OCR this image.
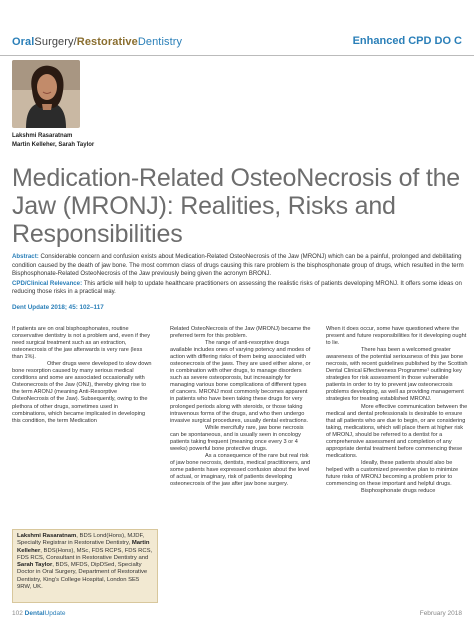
OralSurgery/RestorativeDentistry	Enhanced CPD DO C
Lakshmi Rasaratnam
Martin Kelleher, Sarah Taylor
Medication-Related OsteoNecrosis of the Jaw (MRONJ): Realities, Risks and Responsibilities

Abstract: Considerable concern and confusion exists about Medication-Related OsteoNecrosis of the Jaw (MRONJ) which can be a painful, prolonged and debilitating condition caused by the death of jaw bone. The most common class of drugs causing this rare problem is the bisphosphonate group of drugs, which resulted in the term Bisphosphonate-Related OsteoNecrosis of the Jaw previously being given the acronym BRONJ.

CPD/Clinical Relevance: This article will help to update healthcare practitioners on assessing the realistic risks of patients developing MRONJ. It offers some ideas on reducing those risks in a practical way.

Dent Update 2018; 45: 102–117

If patients are on oral bisphosphonates, routine conservative dentistry is not a problem and, even if they need surgical treatment such as an extraction, osteonecrosis of the jaw afterwards is very rare (less than 1%).

Other drugs were developed to slow down bone resorption caused by many serious medical conditions and some are associated occasionally with Osteonecrosis of the Jaw (ONJ), thereby giving rise to the term ARONJ (meaning Anti-Resorptive OsteoNecrosis of the Jaw). Subsequently, owing to the plethora of other drugs, sometimes used in combinations, which became implicated in developing this condition, the term Medication

Related OsteoNecrosis of the Jaw (MRONJ) became the preferred term for this problem.

The range of anti-resorptive drugs available includes ones of varying potency and modes of action with differing risks of them being associated with osteonecrosis of the jaws. They are used either alone, or in combination with other drugs, to manage disorders such as severe osteoporosis, but increasingly for managing various bone complications of different types of cancers. MRONJ most commonly becomes apparent in patients who have been taking these drugs for very prolonged periods along with steroids, or those taking intravenous forms of the drugs, and who then undergo invasive surgical procedures, usually dental extractions.

While mercifully rare, jaw bone necrosis can be spontaneous, and is usually seen in oncology patients taking frequent (meaning once every 3 or 4 weeks) powerful bone protective drugs.

As a consequence of the rare but real risk of jaw bone necrosis, dentists, medical practitioners, and some patients have expressed confusion about the level of actual, or imaginary, risk of patients developing osteonecrosis of the jaw after jaw bone surgery.

When it does occur, some have questioned where the present and future responsibilities for it developing ought to lie.

There has been a welcomed greater awareness of the potential seriousness of this jaw bone necrosis, with recent guidelines published by the Scottish Dental Clinical Effectiveness Programme¹ outlining key strategies for risk assessment in those vulnerable patients in order to try to prevent jaw osteonecrosis problems developing, as well as providing management strategies for treating established MRONJ.

More effective communication between the medical and dental professionals is desirable to ensure that all patients who are due to begin, or are considering taking, medications, which will place them at higher risk of MRONJ, should be referred to a dentist for a comprehensive assessment and completion of any appropriate dental treatment before commencing these medications.

Ideally, these patients should also be helped with a customized preventive plan to minimize future risks of MRONJ becoming a problem prior to commencing on these important and helpful drugs.

Bisphosphonate drugs reduce

Lakshmi Rasaratnam, BDS Lond(Hons), MJDF, Specialty Registrar in Restorative Dentistry, Martin Kelleher, BDS(Hons), MSc, FDS RCPS, FDS RCS, FDS RCS, Consultant in Restorative Dentistry and Sarah Taylor, BDS, MFDS, DipDSed, Specialty Doctor in Oral Surgery, Department of Restorative Dentistry, King’s College Hospital, London SE5 9RW, UK.
102 DentalUpdate	February 2018
